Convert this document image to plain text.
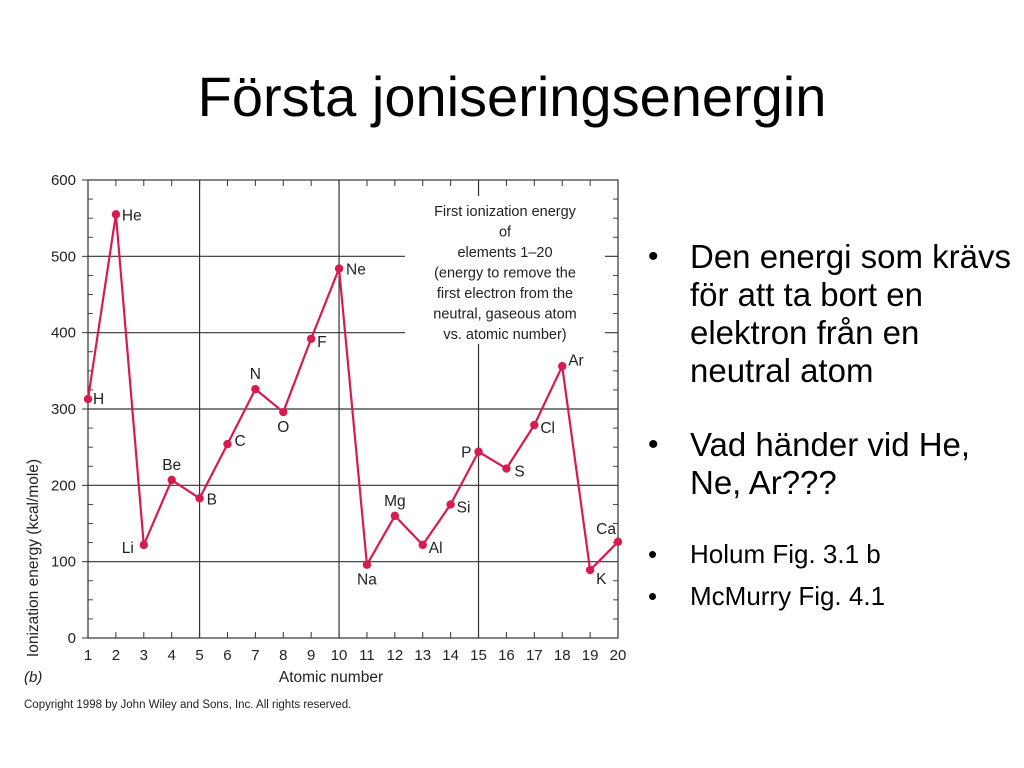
Första joniseringsenergin
H
He
Li
Be
B
C
N
O
F
Ne
Na
Mg
Al
Si
P
S
Cl
Ar
K
Ca
0
100
200
300
400
500
600
1 2 3 4 5 6 7 8 9 10 11 12 13 14 15 16 17 18 19 20
First ionization energy of elements 1–20 (energy to remove the first electron from the neutral, gaseous atom vs. atomic number)
Ionization energy (kcal/mole)
Atomic number
(b)
Copyright 1998 by John Wiley and Sons, Inc. All rights reserved.
• Den energi som krävs för att ta bort en elektron från en neutral atom
• Vad händer vid He, Ne, Ar???
• Holum Fig. 3.1 b
• McMurry Fig. 4.1
